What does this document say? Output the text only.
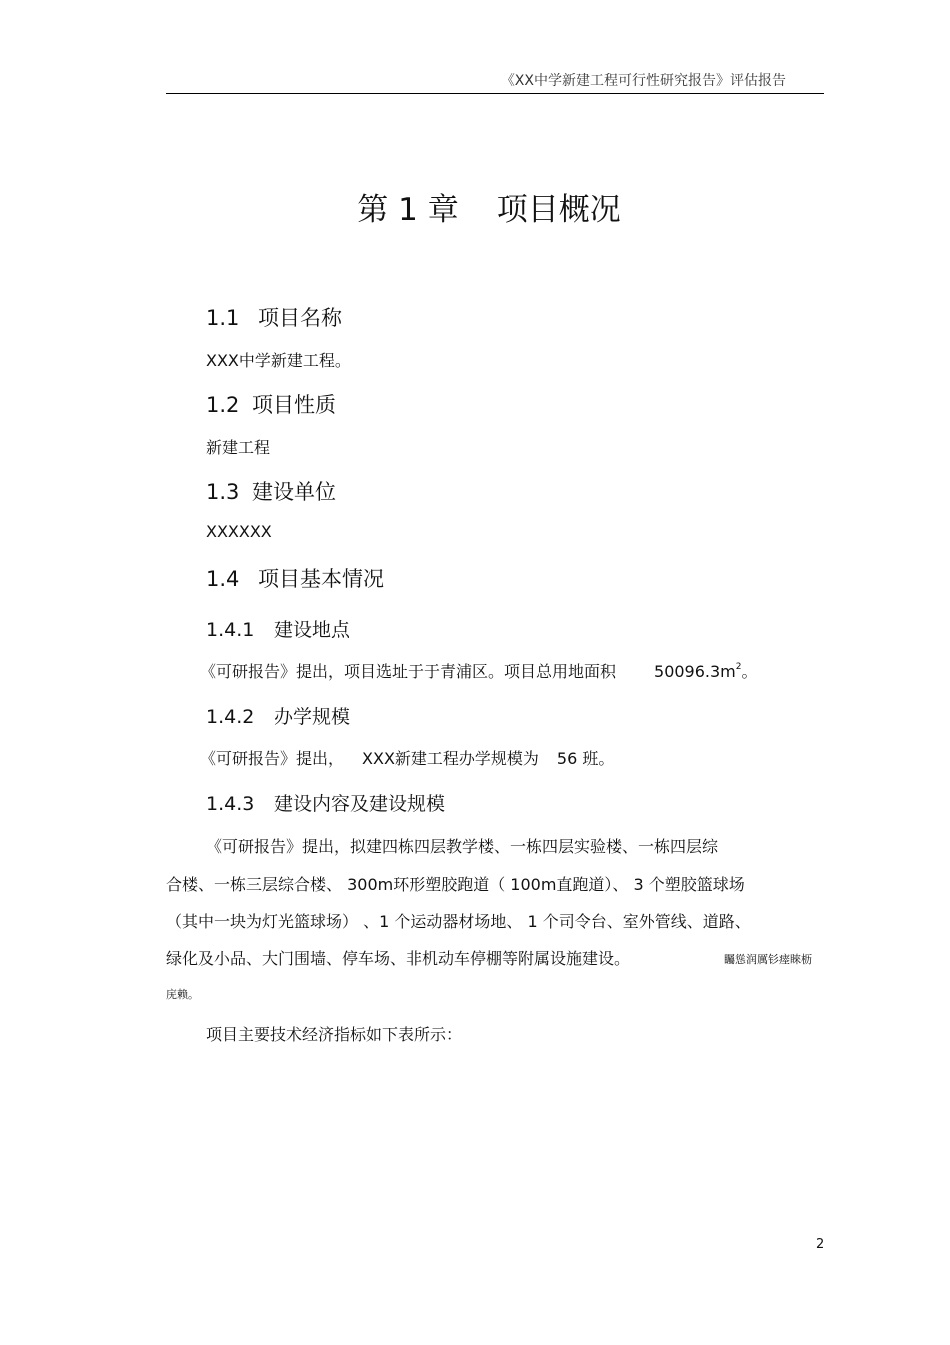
《XX中学新建工程可行性研究报告》评估报告
第 1 章 项目概况
1.1 项目名称
XXX中学新建工程。
1.2 项目性质
新建工程
1.3 建设单位
XXXXXX
1.4 项目基本情况
1.4.1 建设地点
《可研报告》提出，项目选址于于青浦区。项目总用地面积 $50096.3m^2$。
1.4.2 办学规模
《可研报告》提出， XXX新建工程办学规模为 56 班。
1.4.3 建设内容及建设规模
《可研报告》提出，拟建四栋四层教学楼、一栋四层实验楼、一栋四层综
合楼、一栋三层综合楼、 300m环形塑胶跑道（ 100m直跑道）、 3 个塑胶篮球场
（其中一块为灯光篮球场） 、1 个运动器材场地、 1 个司令台、室外管线、道路、
绿化及小品、大门围墙、停车场、非机动车停棚等附属设施建设。	矚慫润厲钐瘗睞枥
庑赖。
项目主要技术经济指标如下表所示：
2
